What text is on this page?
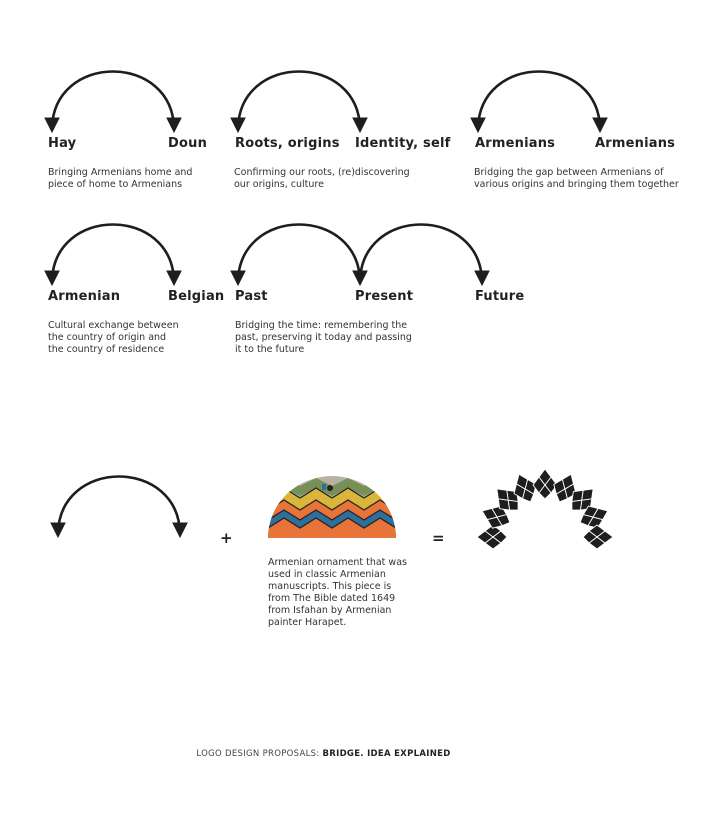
Hay	Doun
Bringing Armenians home and
piece of home to Armenians
Roots, origins Identity, self
Confirming our roots, (re)discovering
our origins, culture
Armenians	Armenians
Bridging the gap between Armenians of
various origins and bringing them together
Armenian	Belgian
Cultural exchange between
the country of origin and
the country of residence
Past	Present	Future
Bridging the time: remembering the
past, preserving it today and passing
it to the future
+	=
Armenian ornament that was
used in classic Armenian
manuscripts. This piece is
from The Bible dated 1649
from Isfahan by Armenian
painter Harapet.
LOGO DESIGN PROPOSALS: BRIDGE. IDEA EXPLAINED
